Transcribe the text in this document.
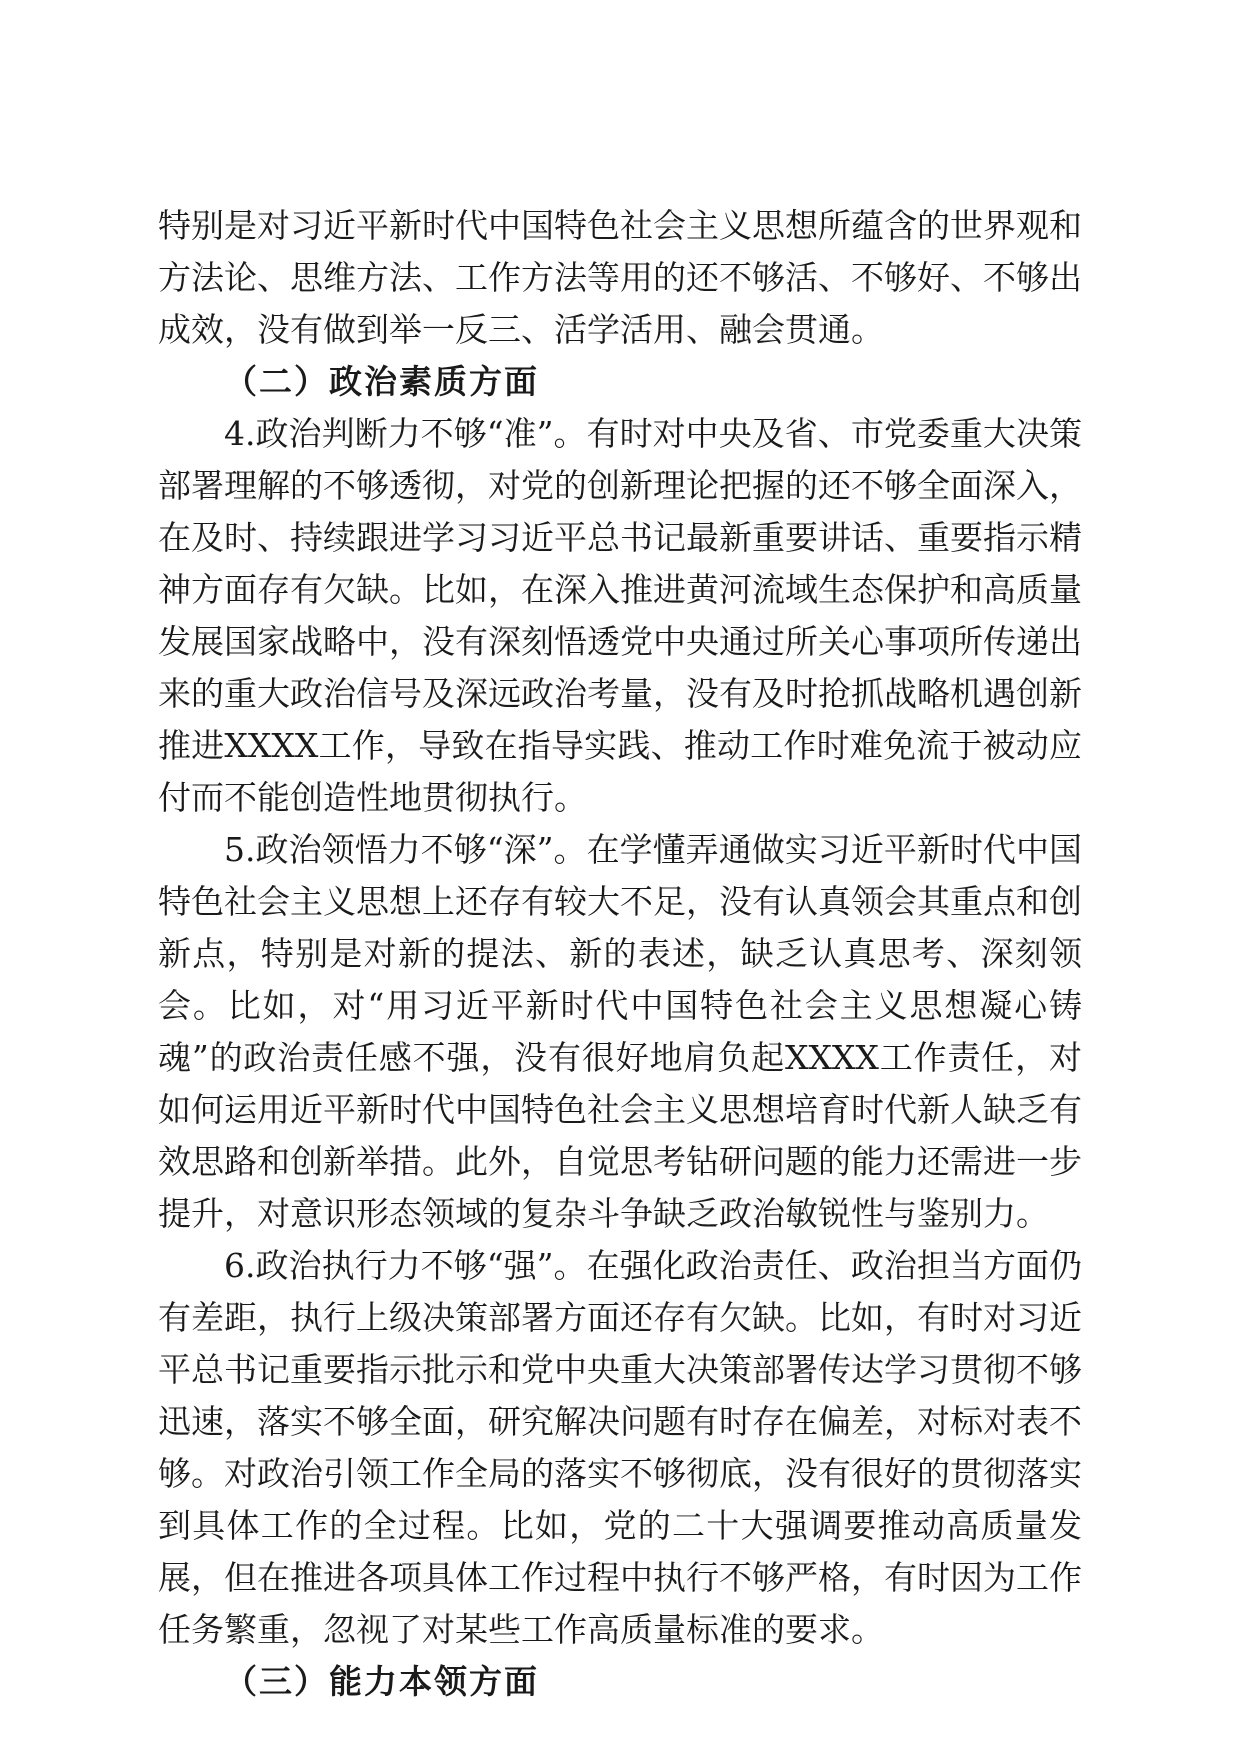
特别是对习近平新时代中国特色社会主义思想所蕴含的世界观和方法论、思维方法、工作方法等用的还不够活、不够好、不够出成效，没有做到举一反三、活学活用、融会贯通。

（二）政治素质方面

4.政治判断力不够“准”。有时对中央及省、市党委重大决策部署理解的不够透彻，对党的创新理论把握的还不够全面深入，在及时、持续跟进学习习近平总书记最新重要讲话、重要指示精神方面存有欠缺。比如，在深入推进黄河流域生态保护和高质量发展国家战略中，没有深刻悟透党中央通过所关心事项所传递出来的重大政治信号及深远政治考量，没有及时抢抓战略机遇创新推进XXXX工作，导致在指导实践、推动工作时难免流于被动应付而不能创造性地贯彻执行。

5.政治领悟力不够“深”。在学懂弄通做实习近平新时代中国特色社会主义思想上还存有较大不足，没有认真领会其重点和创新点，特别是对新的提法、新的表述，缺乏认真思考、深刻领会。比如，对“用习近平新时代中国特色社会主义思想凝心铸魂”的政治责任感不强，没有很好地肩负起XXXX工作责任，对如何运用近平新时代中国特色社会主义思想培育时代新人缺乏有效思路和创新举措。此外，自觉思考钻研问题的能力还需进一步提升，对意识形态领域的复杂斗争缺乏政治敏锐性与鉴别力。

6.政治执行力不够“强”。在强化政治责任、政治担当方面仍有差距，执行上级决策部署方面还存有欠缺。比如，有时对习近平总书记重要指示批示和党中央重大决策部署传达学习贯彻不够迅速，落实不够全面，研究解决问题有时存在偏差，对标对表不够。对政治引领工作全局的落实不够彻底，没有很好的贯彻落实到具体工作的全过程。比如，党的二十大强调要推动高质量发展，但在推进各项具体工作过程中执行不够严格，有时因为工作任务繁重，忽视了对某些工作高质量标准的要求。

（三）能力本领方面
